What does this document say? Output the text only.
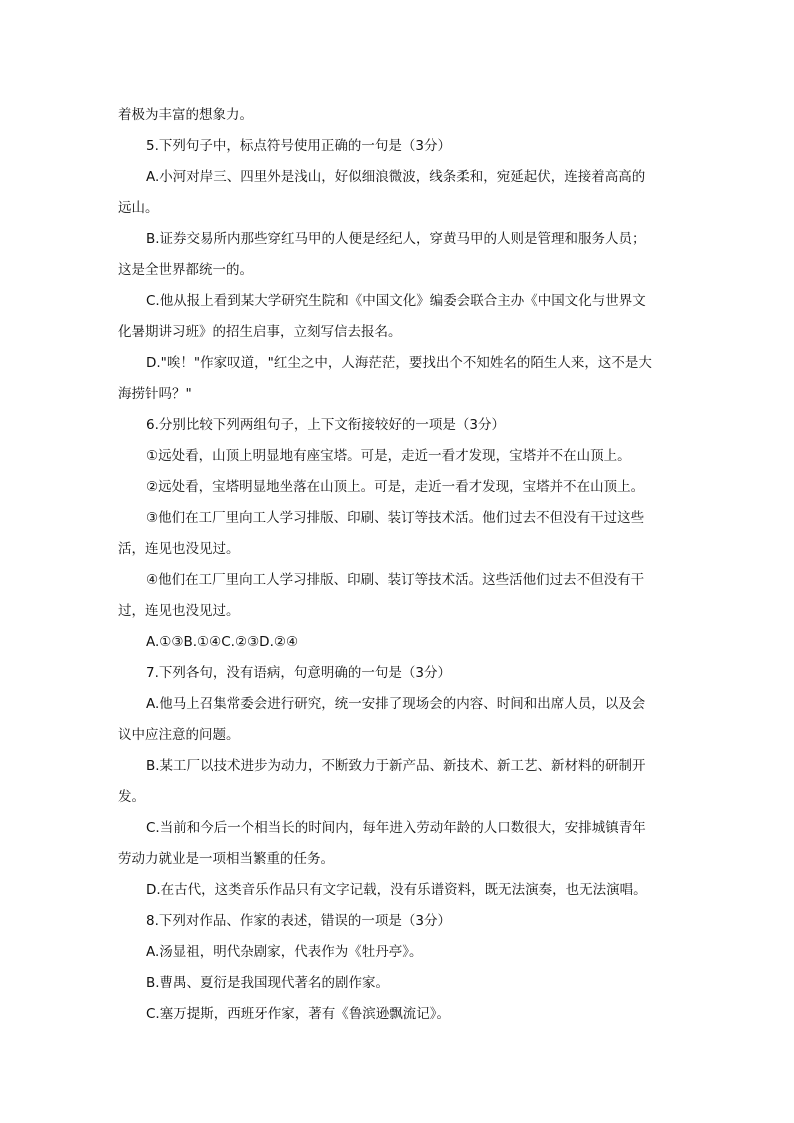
着极为丰富的想象力。

5.下列句子中，标点符号使用正确的一句是（3分）

A.小河对岸三、四里外是浅山，好似细浪微波，线条柔和，宛延起伏，连接着高高的

远山。

B.证券交易所内那些穿红马甲的人便是经纪人，穿黄马甲的人则是管理和服务人员；

这是全世界都统一的。

C.他从报上看到某大学研究生院和《中国文化》编委会联合主办《中国文化与世界文

化暑期讲习班》的招生启事，立刻写信去报名。

D."唉！"作家叹道，"红尘之中，人海茫茫，要找出个不知姓名的陌生人来，这不是大

海捞针吗？"

6.分别比较下列两组句子，上下文衔接较好的一项是（3分）

①远处看，山顶上明显地有座宝塔。可是，走近一看才发现，宝塔并不在山顶上。

②远处看，宝塔明显地坐落在山顶上。可是，走近一看才发现，宝塔并不在山顶上。

③他们在工厂里向工人学习排版、印刷、装订等技术活。他们过去不但没有干过这些

活，连见也没见过。

④他们在工厂里向工人学习排版、印刷、装订等技术活。这些活他们过去不但没有干

过，连见也没见过。

A.①③B.①④C.②③D.②④

7.下列各句，没有语病，句意明确的一句是（3分）

A.他马上召集常委会进行研究，统一安排了现场会的内容、时间和出席人员，以及会

议中应注意的问题。

B.某工厂以技术进步为动力，不断致力于新产品、新技术、新工艺、新材料的研制开

发。

C.当前和今后一个相当长的时间内，每年进入劳动年龄的人口数很大，安排城镇青年

劳动力就业是一项相当繁重的任务。

D.在古代，这类音乐作品只有文字记载，没有乐谱资料，既无法演奏，也无法演唱。

8.下列对作品、作家的表述，错误的一项是（3分）

A.汤显祖，明代杂剧家，代表作为《牡丹亭》。

B.曹禺、夏衍是我国现代著名的剧作家。

C.塞万提斯，西班牙作家，著有《鲁滨逊飘流记》。
